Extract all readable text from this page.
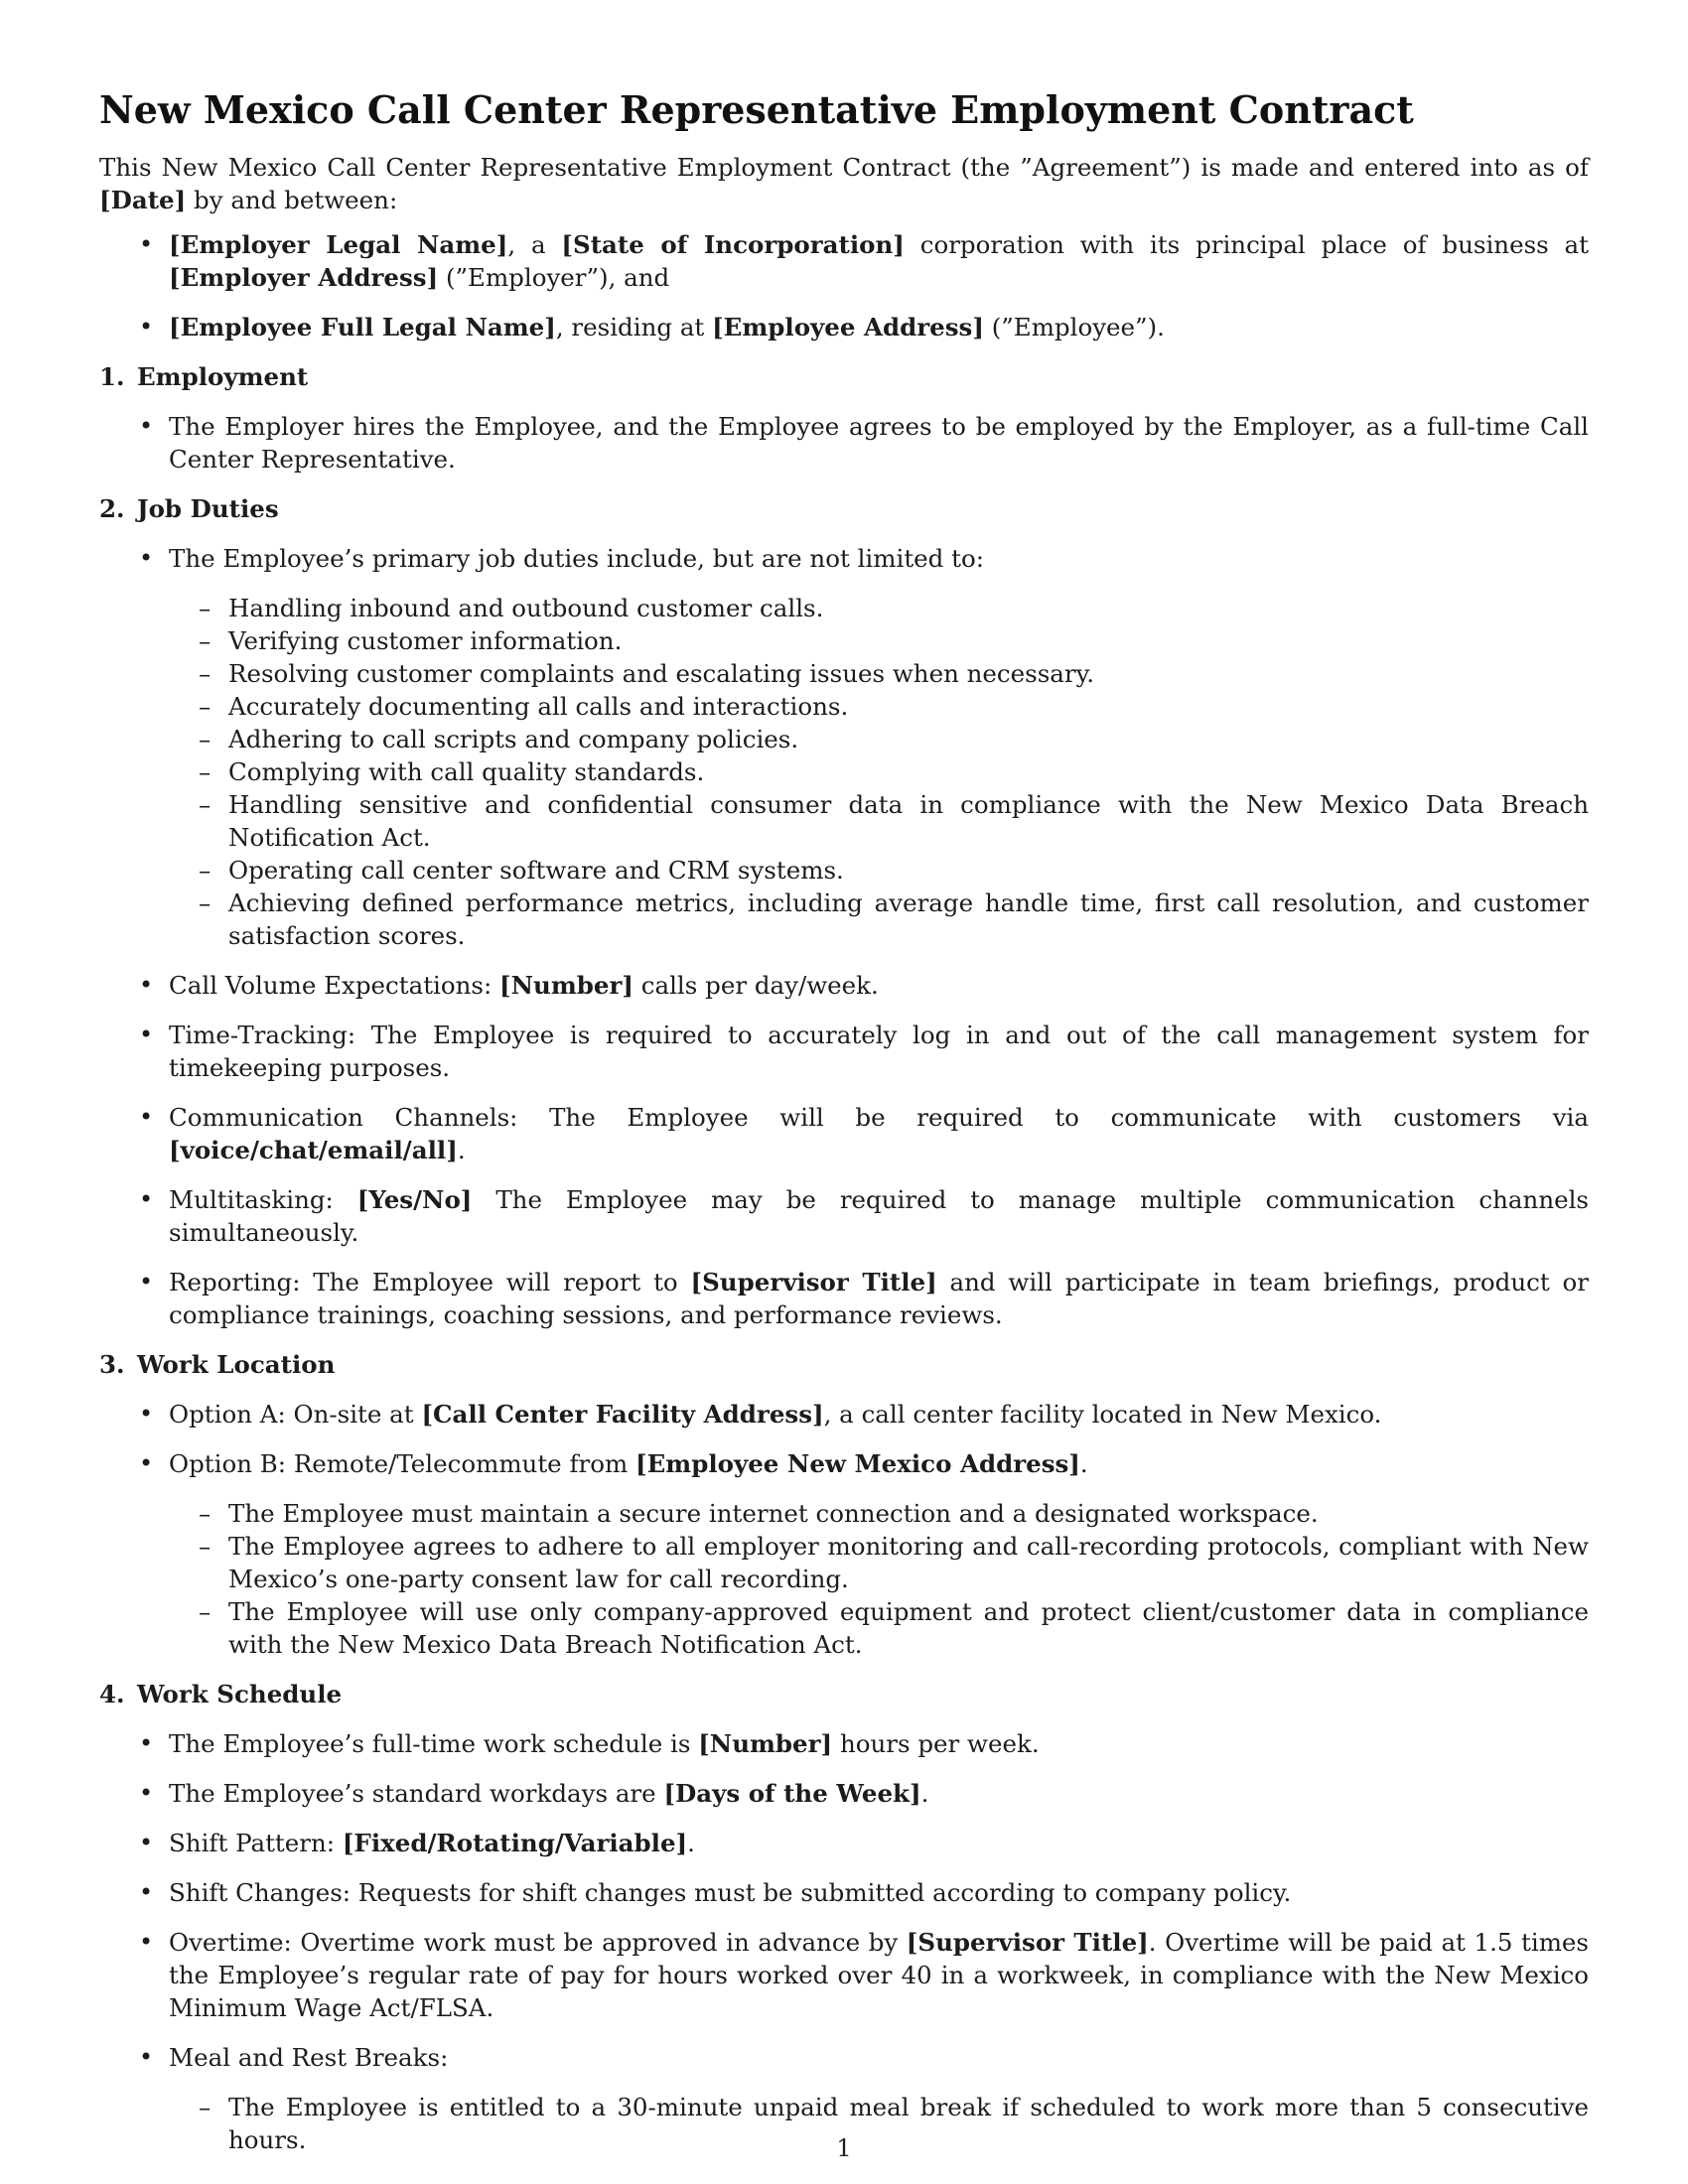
New Mexico Call Center Representative Employment Contract

This New Mexico Call Center Representative Employment Contract (the ”Agreement”) is made and entered into as of [Date] by and between:

• [Employer Legal Name], a [State of Incorporation] corporation with its principal place of business at [Employer Address] (”Employer”), and
• [Employee Full Legal Name], residing at [Employee Address] (”Employee”).
1. Employment
• The Employer hires the Employee, and the Employee agrees to be employed by the Employer, as a full-time Call Center Representative.
2. Job Duties
• The Employee’s primary job duties include, but are not limited to:
– Handling inbound and outbound customer calls.
– Verifying customer information.
– Resolving customer complaints and escalating issues when necessary.
– Accurately documenting all calls and interactions.
– Adhering to call scripts and company policies.
– Complying with call quality standards.
– Handling sensitive and confidential consumer data in compliance with the New Mexico Data Breach Notification Act.
– Operating call center software and CRM systems.
– Achieving defined performance metrics, including average handle time, first call resolution, and customer satisfaction scores.
• Call Volume Expectations: [Number] calls per day/week.
• Time-Tracking: The Employee is required to accurately log in and out of the call management system for timekeeping purposes.
• Communication Channels: The Employee will be required to communicate with customers via [voice/chat/email/all].
• Multitasking: [Yes/No] The Employee may be required to manage multiple communication channels simultaneously.
• Reporting: The Employee will report to [Supervisor Title] and will participate in team briefings, product or compliance trainings, coaching sessions, and performance reviews.
3. Work Location
• Option A: On-site at [Call Center Facility Address], a call center facility located in New Mexico.
• Option B: Remote/Telecommute from [Employee New Mexico Address].
– The Employee must maintain a secure internet connection and a designated workspace.
– The Employee agrees to adhere to all employer monitoring and call-recording protocols, compliant with New Mexico’s one-party consent law for call recording.
– The Employee will use only company-approved equipment and protect client/customer data in compliance with the New Mexico Data Breach Notification Act.
4. Work Schedule
• The Employee’s full-time work schedule is [Number] hours per week.
• The Employee’s standard workdays are [Days of the Week].
• Shift Pattern: [Fixed/Rotating/Variable].
• Shift Changes: Requests for shift changes must be submitted according to company policy.
• Overtime: Overtime work must be approved in advance by [Supervisor Title]. Overtime will be paid at 1.5 times the Employee’s regular rate of pay for hours worked over 40 in a workweek, in compliance with the New Mexico Minimum Wage Act/FLSA.
• Meal and Rest Breaks:
– The Employee is entitled to a 30-minute unpaid meal break if scheduled to work more than 5 consecutive hours.	1
